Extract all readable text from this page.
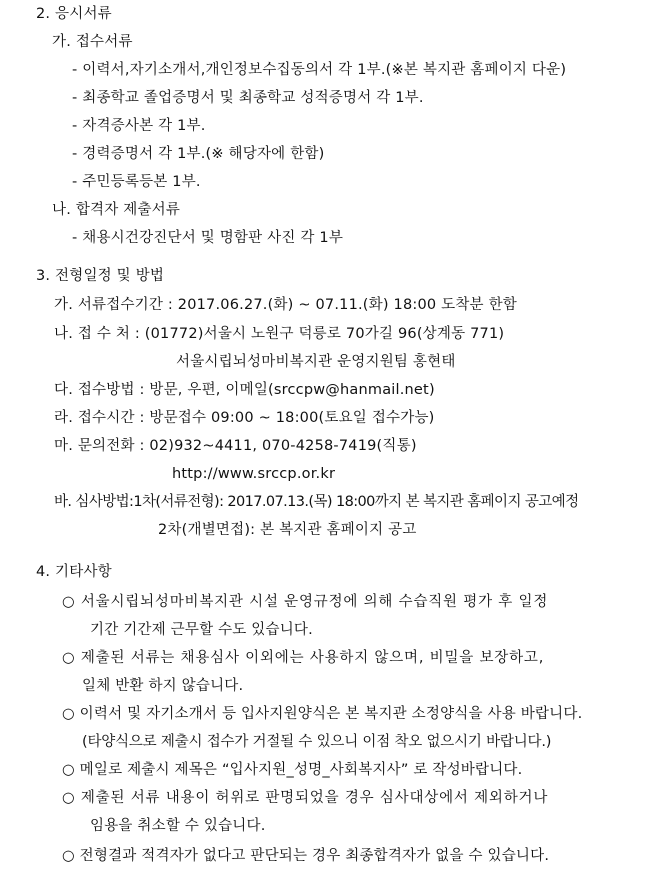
2. 응시서류
가. 접수서류
- 이력서,자기소개서,개인정보수집동의서 각 1부.(※본 복지관 홈페이지 다운)
- 최종학교 졸업증명서 및 최종학교 성적증명서 각 1부.
- 자격증사본 각 1부.
- 경력증명서 각 1부.(※ 해당자에 한함)
- 주민등록등본 1부.
나. 합격자 제출서류
- 채용시건강진단서 및 명함판 사진 각 1부
3. 전형일정 및 방법
가. 서류접수기간 : 2017.06.27.(화) ~ 07.11.(화) 18:00 도착분 한함
나. 접 수 처 : (01772)서울시 노원구 덕릉로 70가길 96(상계동 771)
서울시립뇌성마비복지관 운영지원팀 홍현태
다. 접수방법 : 방문, 우편, 이메일(srccpw@hanmail.net)
라. 접수시간 : 방문접수 09:00 ~ 18:00(토요일 접수가능)
마. 문의전화 : 02)932~4411, 070-4258-7419(직통)
http://www.srccp.or.kr
바. 심사방법:1차(서류전형): 2017.07.13.(목) 18:00까지 본 복지관 홈페이지 공고예정
2차(개별면접): 본 복지관 홈페이지 공고
4. 기타사항
○ 서울시립뇌성마비복지관 시설 운영규정에 의해 수습직원 평가 후 일정
기간 기간제 근무할 수도 있습니다.
○ 제출된 서류는 채용심사 이외에는 사용하지 않으며, 비밀을 보장하고,
일체 반환 하지 않습니다.
○ 이력서 및 자기소개서 등 입사지원양식은 본 복지관 소정양식을 사용 바랍니다.
(타양식으로 제출시 접수가 거절될 수 있으니 이점 착오 없으시기 바랍니다.)
○ 메일로 제출시 제목은 “입사지원_성명_사회복지사” 로 작성바랍니다.
○ 제출된 서류 내용이 허위로 판명되었을 경우 심사대상에서 제외하거나
임용을 취소할 수 있습니다.
○ 전형결과 적격자가 없다고 판단되는 경우 최종합격자가 없을 수 있습니다.
